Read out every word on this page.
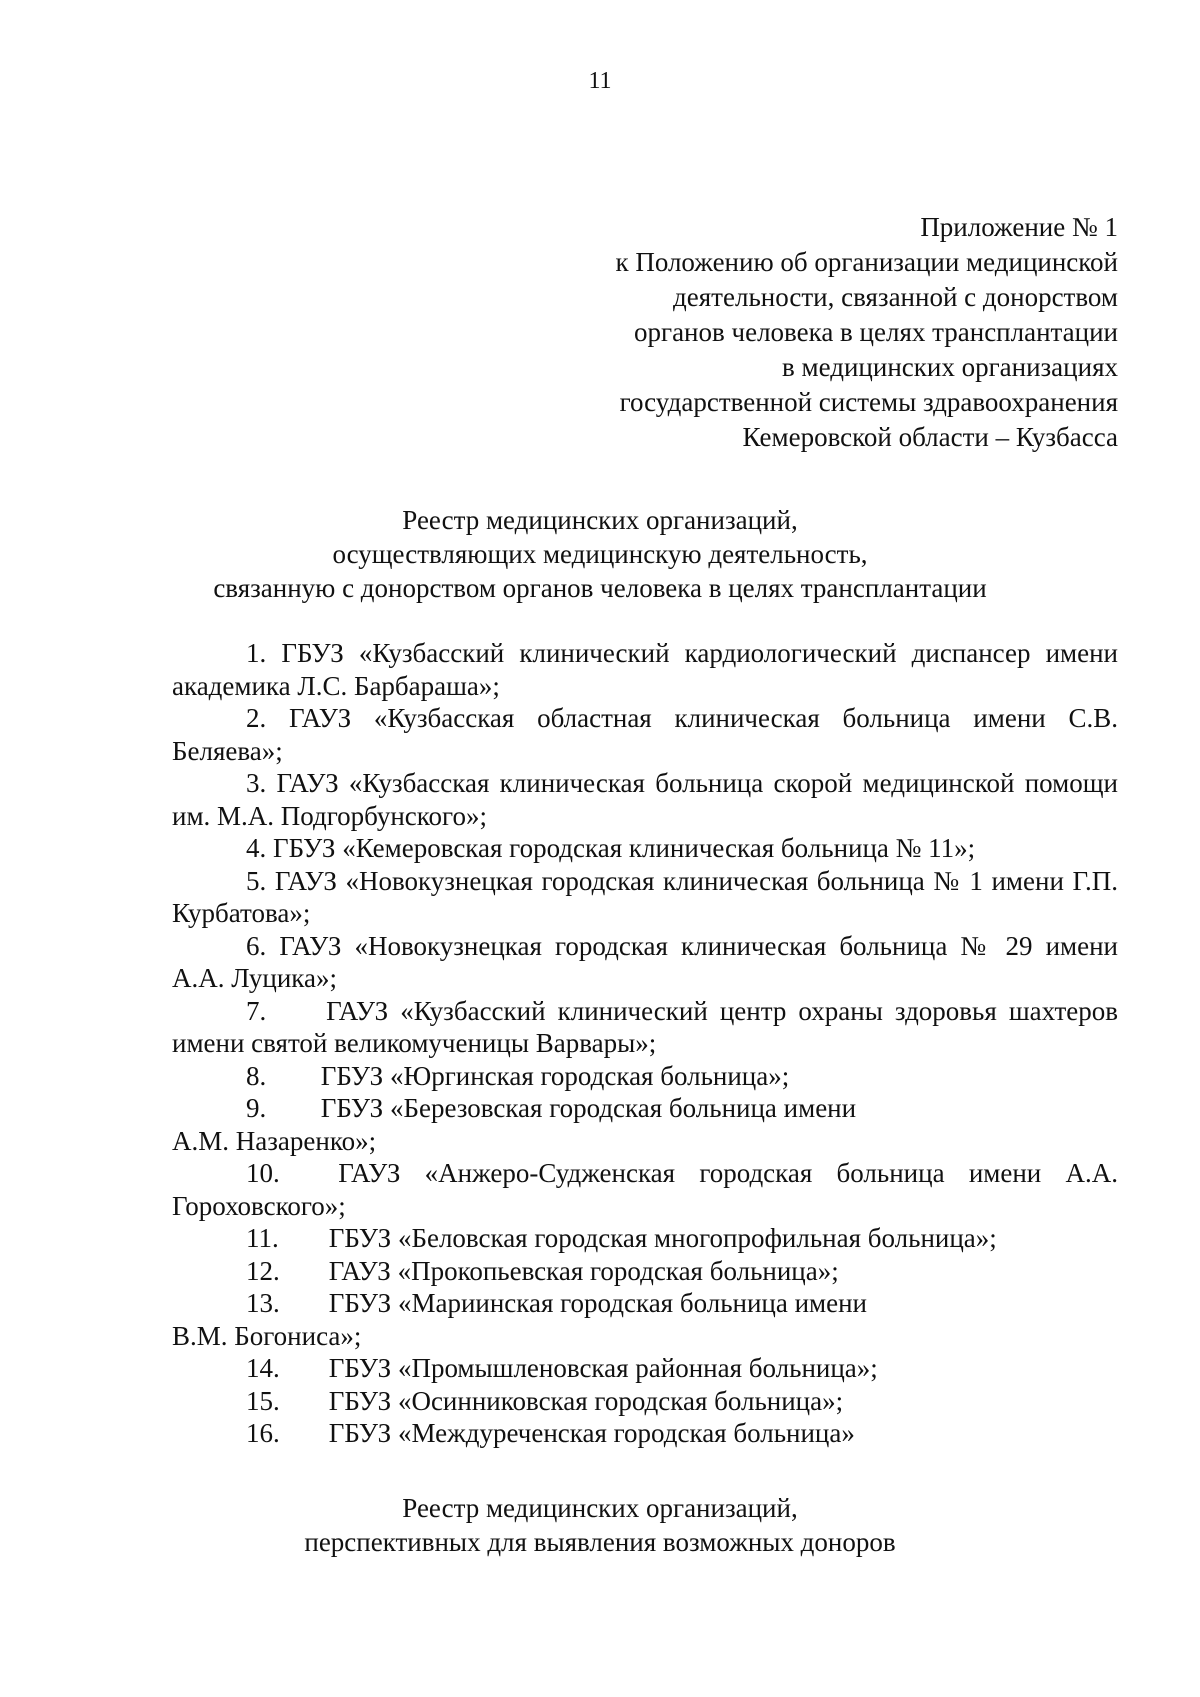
11
Приложение № 1
к Положению об организации медицинской
деятельности, связанной с донорством
органов человека в целях трансплантации
в медицинских организациях
государственной системы здравоохранения
Кемеровской области – Кузбасса
Реестр медицинских организаций,
осуществляющих медицинскую деятельность,
связанную с донорством органов человека в целях трансплантации
1. ГБУЗ «Кузбасский клинический кардиологический диспансер имени академика Л.С. Барбараша»;
2. ГАУЗ «Кузбасская областная клиническая больница имени С.В. Беляева»;
3. ГАУЗ «Кузбасская клиническая больница скорой медицинской помощи им. М.А. Подгорбунского»;
4. ГБУЗ «Кемеровская городская клиническая больница № 11»;
5. ГАУЗ «Новокузнецкая городская клиническая больница № 1 имени Г.П. Курбатова»;
6. ГАУЗ «Новокузнецкая городская клиническая больница № 29 имени А.А. Луцика»;
7. ГАУЗ «Кузбасский клинический центр охраны здоровья шахтеров имени святой великомученицы Варвары»;
8. ГБУЗ «Юргинская городская больница»;
9. ГБУЗ «Березовская городская больница имени
А.М. Назаренко»;
10. ГАУЗ «Анжеро-Судженская городская больница имени А.А. Гороховского»;
11. ГБУЗ «Беловская городская многопрофильная больница»;
12. ГАУЗ «Прокопьевская городская больница»;
13. ГБУЗ «Мариинская городская больница имени
В.М. Богониса»;
14. ГБУЗ «Промышленовская районная больница»;
15. ГБУЗ «Осинниковская городская больница»;
16. ГБУЗ «Междуреченская городская больница»
Реестр медицинских организаций,
перспективных для выявления возможных доноров
